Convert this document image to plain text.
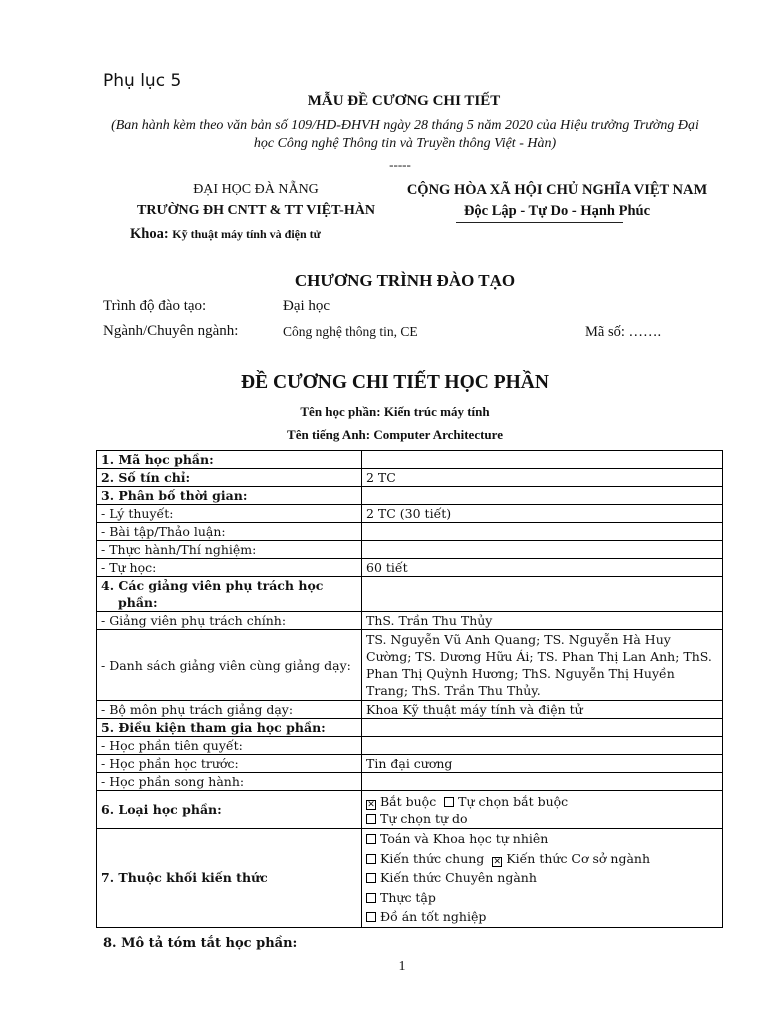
Phụ lục 5
MẪU ĐỀ CƯƠNG CHI TIẾT
(Ban hành kèm theo văn bản số 109/HD-ĐHVH ngày 28 tháng 5 năm 2020 của Hiệu trưởng Trường Đại học Công nghệ Thông tin và Truyền thông Việt - Hàn)
-----
ĐẠI HỌC ĐÀ NẴNG
TRƯỜNG ĐH CNTT & TT VIỆT-HÀN
Khoa: Kỹ thuật máy tính và điện tử
CỘNG HÒA XÃ HỘI CHỦ NGHĨA VIỆT NAM
Độc Lập - Tự Do - Hạnh Phúc
CHƯƠNG TRÌNH ĐÀO TẠO
Trình độ đào tạo:	Đại học
Ngành/Chuyên ngành:	Công nghệ thông tin, CE	Mã số: …….
ĐỀ CƯƠNG CHI TIẾT HỌC PHẦN
Tên học phần: Kiến trúc máy tính
Tên tiếng Anh: Computer Architecture
1. Mã học phần:	
2. Số tín chỉ:	2 TC
3. Phân bố thời gian:	
- Lý thuyết:	2 TC (30 tiết)
- Bài tập/Thảo luận:	
- Thực hành/Thí nghiệm:	
- Tự học:	60 tiết
4. Các giảng viên phụ trách học phần:	
- Giảng viên phụ trách chính:	ThS. Trần Thu Thủy
- Danh sách giảng viên cùng giảng dạy:	TS. Nguyễn Vũ Anh Quang; TS. Nguyễn Hà Huy Cường; TS. Dương Hữu Ái; TS. Phan Thị Lan Anh; ThS. Phan Thị Quỳnh Hương; ThS. Nguyễn Thị Huyền Trang; ThS. Trần Thu Thủy.
- Bộ môn phụ trách giảng dạy:	Khoa Kỹ thuật máy tính và điện tử
5. Điều kiện tham gia học phần:	
- Học phần tiên quyết:	
- Học phần học trước:	Tin đại cương
- Học phần song hành:	
6. Loại học phần:	✕ Bắt buộc Tự chọn bắt buộc
Tự chọn tự do

7. Thuộc khối kiến thức	Toán và Khoa học tự nhiên
Kiến thức chung ✕ Kiến thức Cơ sở ngành
Kiến thức Chuyên ngành
Thực tập
Đồ án tốt nghiệp
8. Mô tả tóm tắt học phần:
1
